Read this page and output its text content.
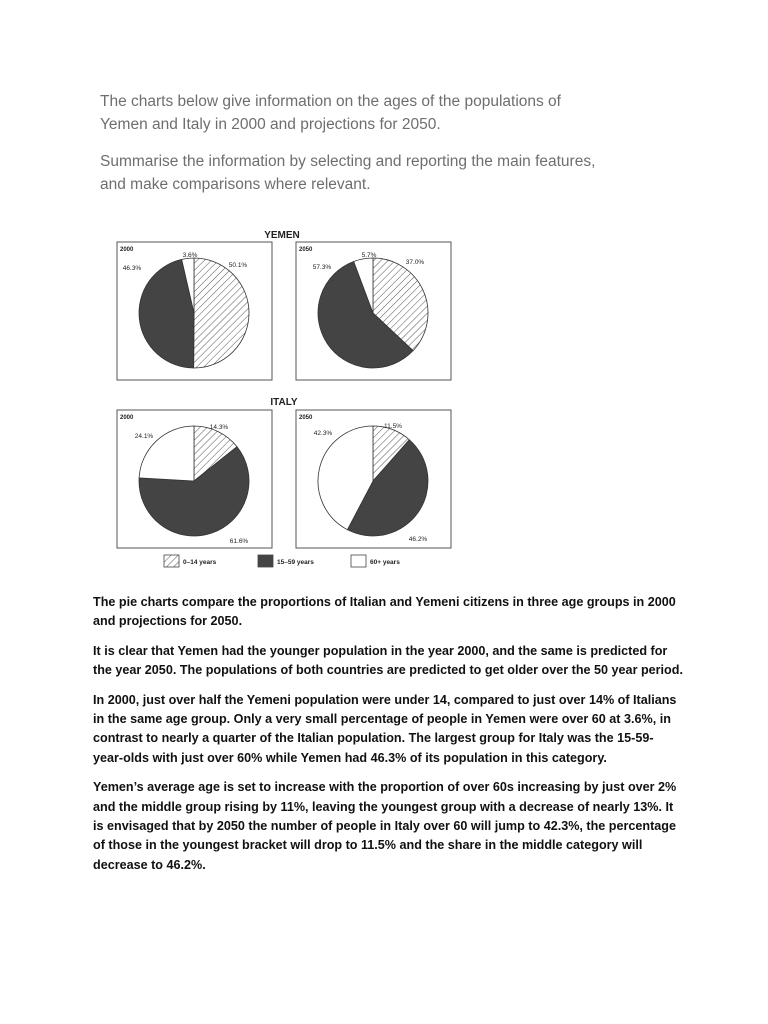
The charts below give information on the ages of the populations of Yemen and Italy in 2000 and projections for 2050.

Summarise the information by selecting and reporting the main features, and make comparisons where relevant.

YEMEN
ITALY
2000	2050
2000	2050
50.1%
46.3%
3.6%
37.0%
57.3%
5.7%
14.3%
61.6%
24.1%
11.5%
46.2%
42.3%
0–14 years	15–59 years	60+ years

The pie charts compare the proportions of Italian and Yemeni citizens in three age groups in 2000 and projections for 2050.

It is clear that Yemen had the younger population in the year 2000, and the same is predicted for the year 2050. The populations of both countries are predicted to get older over the 50 year period.

In 2000, just over half the Yemeni population were under 14, compared to just over 14% of Italians in the same age group. Only a very small percentage of people in Yemen were over 60 at 3.6%, in contrast to nearly a quarter of the Italian population. The largest group for Italy was the 15-59-year-olds with just over 60% while Yemen had 46.3% of its population in this category.

Yemen’s average age is set to increase with the proportion of over 60s increasing by just over 2% and the middle group rising by 11%, leaving the youngest group with a decrease of nearly 13%. It is envisaged that by 2050 the number of people in Italy over 60 will jump to 42.3%, the percentage of those in the youngest bracket will drop to 11.5% and the share in the middle category will decrease to 46.2%.
